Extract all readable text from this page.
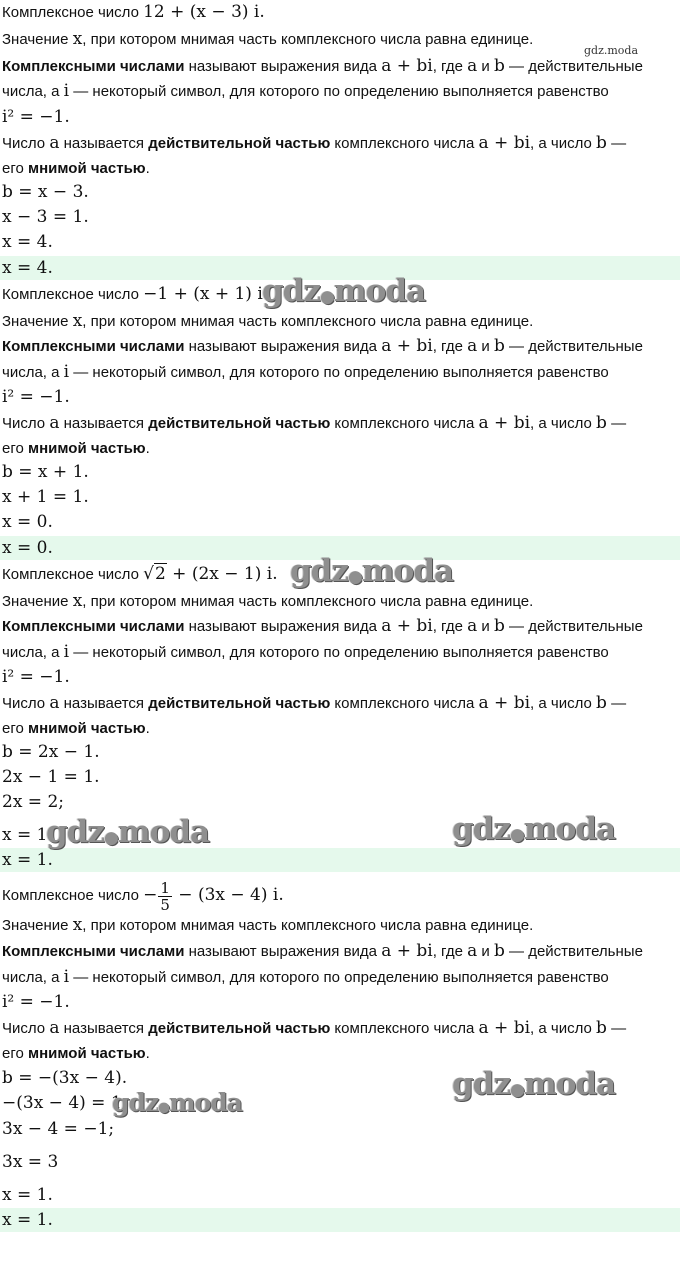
Комплексное число 12 + (x − 3) i.
Значение x, при котором мнимая часть комплексного числа равна единице.
Комплексными числами называют выражения вида a + bi, где a и b — действительные
числа, а i — некоторый символ, для которого по определению выполняется равенство
i² = −1.
Число a называется действительной частью комплексного числа a + bi, а число b —
его мнимой частью.
b = x − 3.
x − 3 = 1.
x = 4.
x = 4.
Комплексное число −1 + (x + 1) i.
Значение x, при котором мнимая часть комплексного числа равна единице.
Комплексными числами называют выражения вида a + bi, где a и b — действительные
числа, а i — некоторый символ, для которого по определению выполняется равенство
i² = −1.
Число a называется действительной частью комплексного числа a + bi, а число b —
его мнимой частью.
b = x + 1.
x + 1 = 1.
x = 0.
x = 0.
Комплексное число √2 + (2x − 1) i.
Значение x, при котором мнимая часть комплексного числа равна единице.
Комплексными числами называют выражения вида a + bi, где a и b — действительные
числа, а i — некоторый символ, для которого по определению выполняется равенство
i² = −1.
Число a называется действительной частью комплексного числа a + bi, а число b —
его мнимой частью.
b = 2x − 1.
2x − 1 = 1.
2x = 2;
x = 1.
x = 1.
Комплексное число − $\frac{1}{5} - (3x - 4)$ i.
Значение x, при котором мнимая часть комплексного числа равна единице.
Комплексными числами называют выражения вида a + bi, где a и b — действительные
числа, а i — некоторый символ, для которого по определению выполняется равенство
i² = −1.
Число a называется действительной частью комплексного числа a + bi, а число b —
его мнимой частью.
b = −(3x − 4).
−(3x − 4) = 1;
3x − 4 = −1;
3x = 3
x = 1.
x = 1.
gdz.moda
gdz●moda
gdz●moda
gdz●moda	gdz●moda
gdz●moda
gdz●moda
